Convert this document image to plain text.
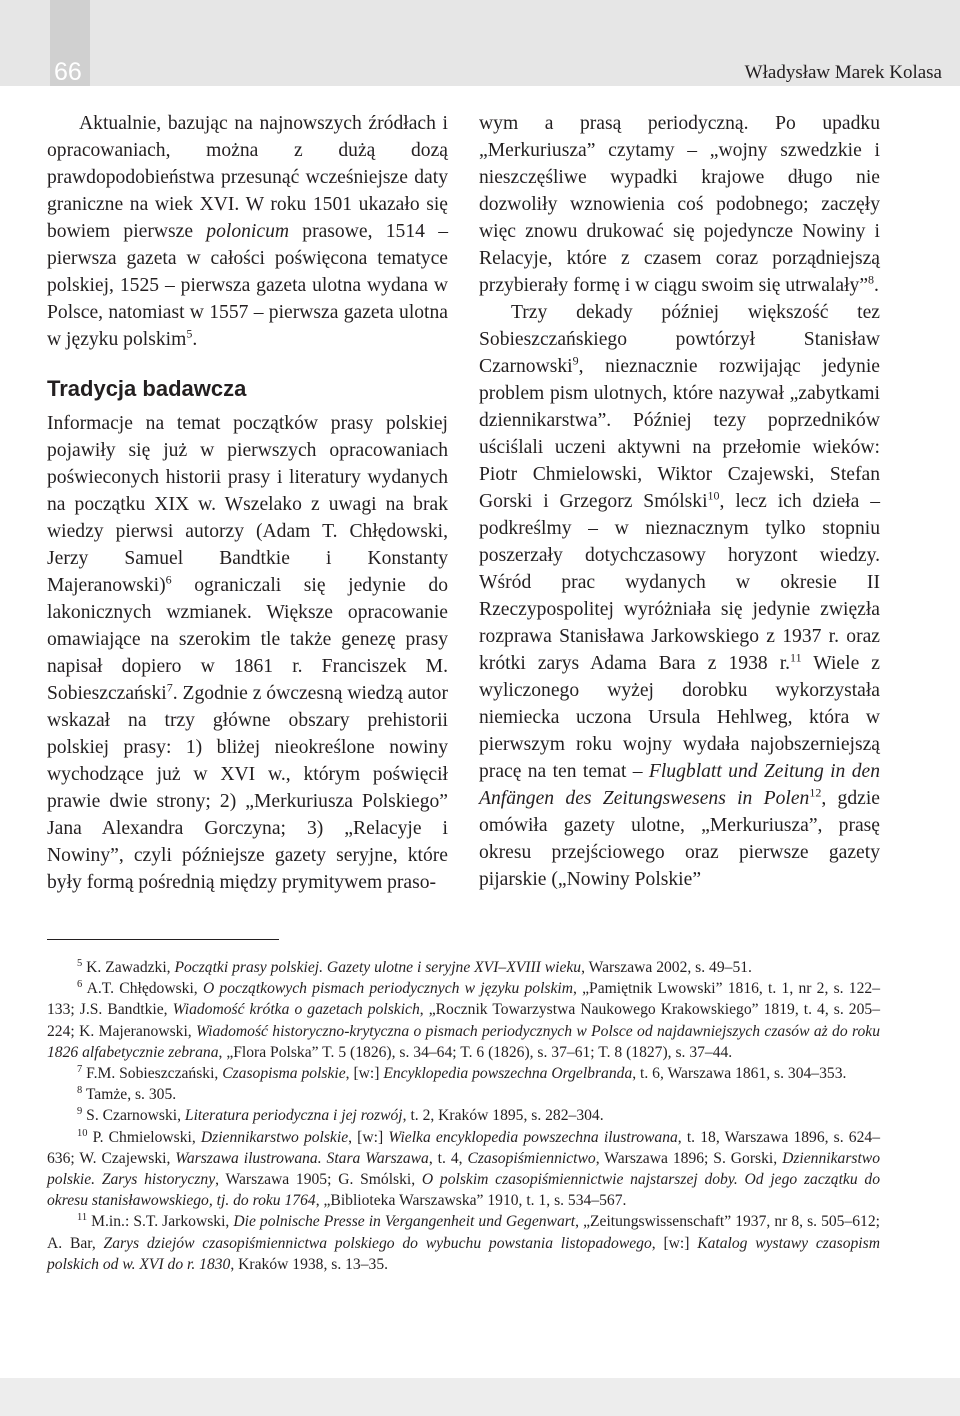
66	Władysław Marek Kolasa

Aktualnie, bazując na najnowszych źródłach i opracowaniach, można z dużą dozą prawdopodobieństwa przesunąć wcześniejsze daty graniczne na wiek XVI. W roku 1501 ukazało się bowiem pierwsze polonicum prasowe, 1514 – pierwsza gazeta w całości poświęcona tematyce polskiej, 1525 – pierwsza gazeta ulotna wydana w Polsce, natomiast w 1557 – pierwsza gazeta ulotna w języku polskim$^5$.

Tradycja badawcza

Informacje na temat początków prasy polskiej pojawiły się już w pierwszych opracowaniach poświeconych historii prasy i literatury wydanych na początku XIX w. Wszelako z uwagi na brak wiedzy pierwsi autorzy (Adam T. Chłędowski, Jerzy Samuel Bandtkie i Konstanty Majeranowski)$^6$ ograniczali się jedynie do lakonicznych wzmianek. Większe opracowanie omawiające na szerokim tle także genezę prasy napisał dopiero w 1861 r. Franciszek M. Sobieszczański$^7$. Zgodnie z ówczesną wiedzą autor wskazał na trzy główne obszary prehistorii polskiej prasy: 1) bliżej nieokreślone nowiny wychodzące już w XVI w., którym poświęcił prawie dwie strony; 2) „Merkuriusza Polskiego” Jana Alexandra Gorczyna; 3) „Relacyje i Nowiny”, czyli późniejsze gazety seryjne, które były formą pośrednią między prymitywem praso-

wym a prasą periodyczną. Po upadku „Merkuriusza” czytamy – „wojny szwedzkie i nieszczęśliwe wypadki krajowe długo nie dozwoliły wznowienia coś podobnego; zaczęły więc znowu drukować się pojedyncze Nowiny i Relacyje, które z czasem coraz porządniejszą przybierały formę i w ciągu swoim się utrwalały”$^8$.

Trzy dekady później większość tez Sobieszczańskiego powtórzył Stanisław Czarnowski$^9$, nieznacznie rozwijając jedynie problem pism ulotnych, które nazywał „zabytkami dziennikarstwa”. Później tezy poprzedników uściślali uczeni aktywni na przełomie wieków: Piotr Chmielowski, Wiktor Czajewski, Stefan Gorski i Grzegorz Smólski$^{10}$, lecz ich dzieła – podkreślmy – w nieznacznym tylko stopniu poszerzały dotychczasowy horyzont wiedzy. Wśród prac wydanych w okresie II Rzeczypospolitej wyróżniała się jedynie zwięzła rozprawa Stanisława Jarkowskiego z 1937 r. oraz krótki zarys Adama Bara z 1938 r.$^{11}$ Wiele z wyliczonego wyżej dorobku wykorzystała niemiecka uczona Ursula Hehlweg, która w pierwszym roku wojny wydała najobszerniejszą pracę na ten temat – Flugblatt und Zeitung in den Anfängen des Zeitungswesens in Polen$^{12}$, gdzie omówiła gazety ulotne, „Merkuriusza”, prasę okresu przejściowego oraz pierwsze gazety pijarskie („Nowiny Polskie”

$^5$ K. Zawadzki, Początki prasy polskiej. Gazety ulotne i seryjne XVI–XVIII wieku, Warszawa 2002, s. 49–51.

$^6$ A.T. Chłędowski, O początkowych pismach periodycznych w języku polskim, „Pamiętnik Lwowski” 1816, t. 1, nr 2, s. 122–133; J.S. Bandtkie, Wiadomość krótka o gazetach polskich, „Rocznik Towarzystwa Naukowego Krakowskiego” 1819, t. 4, s. 205–224; K. Majeranowski, Wiadomość historyczno-krytyczna o pismach periodycznych w Polsce od najdawniejszych czasów aż do roku 1826 alfabetycznie zebrana, „Flora Polska” T. 5 (1826), s. 34–64; T. 6 (1826), s. 37–61; T. 8 (1827), s. 37–44.

$^7$ F.M. Sobieszczański, Czasopisma polskie, [w:] Encyklopedia powszechna Orgelbranda, t. 6, Warszawa 1861, s. 304–353.

$^8$ Tamże, s. 305.

$^9$ S. Czarnowski, Literatura periodyczna i jej rozwój, t. 2, Kraków 1895, s. 282–304.

$^{10}$ P. Chmielowski, Dziennikarstwo polskie, [w:] Wielka encyklopedia powszechna ilustrowana, t. 18, Warszawa 1896, s. 624–636; W. Czajewski, Warszawa ilustrowana. Stara Warszawa, t. 4, Czasopiśmiennictwo, Warszawa 1896; S. Gorski, Dziennikarstwo polskie. Zarys historyczny, Warszawa 1905; G. Smólski, O polskim czasopiśmiennictwie najstarszej doby. Od jego zaczątku do okresu stanisławowskiego, tj. do roku 1764, „Biblioteka Warszawska” 1910, t. 1, s. 534–567.

$^{11}$ M.in.: S.T. Jarkowski, Die polnische Presse in Vergangenheit und Gegenwart, „Zeitungswissenschaft” 1937, nr 8, s. 505–612; A. Bar, Zarys dziejów czasopiśmiennictwa polskiego do wybuchu powstania listopadowego, [w:] Katalog wystawy czasopism polskich od w. XVI do r. 1830, Kraków 1938, s. 13–35.
